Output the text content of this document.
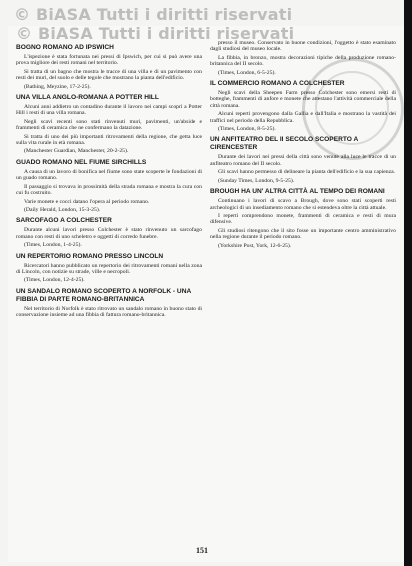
© BiASA Tutti i diritti riservati
© BiASA Tutti i diritti riservati
BOGNO ROMANO AD IPSWICH

L'ispezione è stata fortunata nei pressi di Ipswich, per cui si può avere una prova migliore dei resti romani nel territorio.

Si tratta di un bagno che mostra le tracce di una villa e di un pavimento con resti dei muri, del suolo e delle tegole che mostrano la pianta dell'edificio.

(Bathing, Meyzine, 17-2-25).

UNA VILLA ANGLO-ROMANA A POTTER HILL

Alcuni anni addietro un contadino durante il lavoro nei campi scoprì a Potter Hill i resti di una villa romana.

Negli scavi recenti sono stati rinvenuti muri, pavimenti, un'abside e frammenti di ceramica che ne confermano la datazione.

Si tratta di uno dei più importanti ritrovamenti della regione, che getta luce sulla vita rurale in età romana.

(Manchester Guardian, Manchester, 20-2-25).

GUADO ROMANO NEL FIUME SIRCHILLS

A causa di un lavoro di bonifica nel fiume sono state scoperte le fondazioni di un guado romano.

Il passaggio si trovava in prossimità della strada romana e mostra la cura con cui fu costruito.

Varie monete e cocci datano l'opera al periodo romano.

(Daily Herald, London, 15-3-25).

SARCOFAGO A COLCHESTER

Durante alcuni lavori presso Colchester è stato rinvenuto un sarcofago romano con resti di uno scheletro e oggetti di corredo funebre.

(Times, London, 1-4-25).

UN REPERTORIO ROMANO PRESSO LINCOLN

Ricercatori hanno pubblicato un repertorio dei ritrovamenti romani nella zona di Lincoln, con notizie su strade, ville e necropoli.

(Times, London, 12-4-25).

UN SANDALO ROMANO SCOPERTO A NORFOLK - UNA FIBBIA DI PARTE ROMANO-BRITANNICA

Nel territorio di Norfolk è stato ritrovato un sandalo romano in buono stato di conservazione insieme ad una fibbia di fattura romano-britannica.

presso il museo. Conservato in buone condizioni, l'oggetto è stato esaminato dagli studiosi del museo locale.

La fibbia, in bronzo, mostra decorazioni tipiche della produzione romano-britannica del II secolo.

(Times, London, 6-5-25).

IL COMMERCIO ROMANO A COLCHESTER

Negli scavi della Sheepen Farm presso Colchester sono emersi resti di botteghe, frammenti di anfore e monete che attestano l'attività commerciale della città romana.

Alcuni reperti provengono dalla Gallia e dall'Italia e mostrano la vastità dei traffici nel periodo della Repubblica.

(Times, London, 8-5-25).

UN ANFITEATRO DEL II SECOLO SCOPERTO A CIRENCESTER

Durante dei lavori nei pressi della città sono venute alla luce le tracce di un anfiteatro romano del II secolo.

Gli scavi hanno permesso di delineare la pianta dell'edificio e la sua capienza.

(Sunday Times, London, 9-5-25).

BROUGH HA UN' ALTRA CITTÀ AL TEMPO DEI ROMANI

Continuano i lavori di scavo a Brough, dove sono stati scoperti resti archeologici di un insediamento romano che si estendeva oltre la città attuale.

I reperti comprendono monete, frammenti di ceramica e resti di mura difensive.

Gli studiosi ritengono che il sito fosse un importante centro amministrativo nella regione durante il periodo romano.

(Yorkshire Post, York, 12-6-25).

151
